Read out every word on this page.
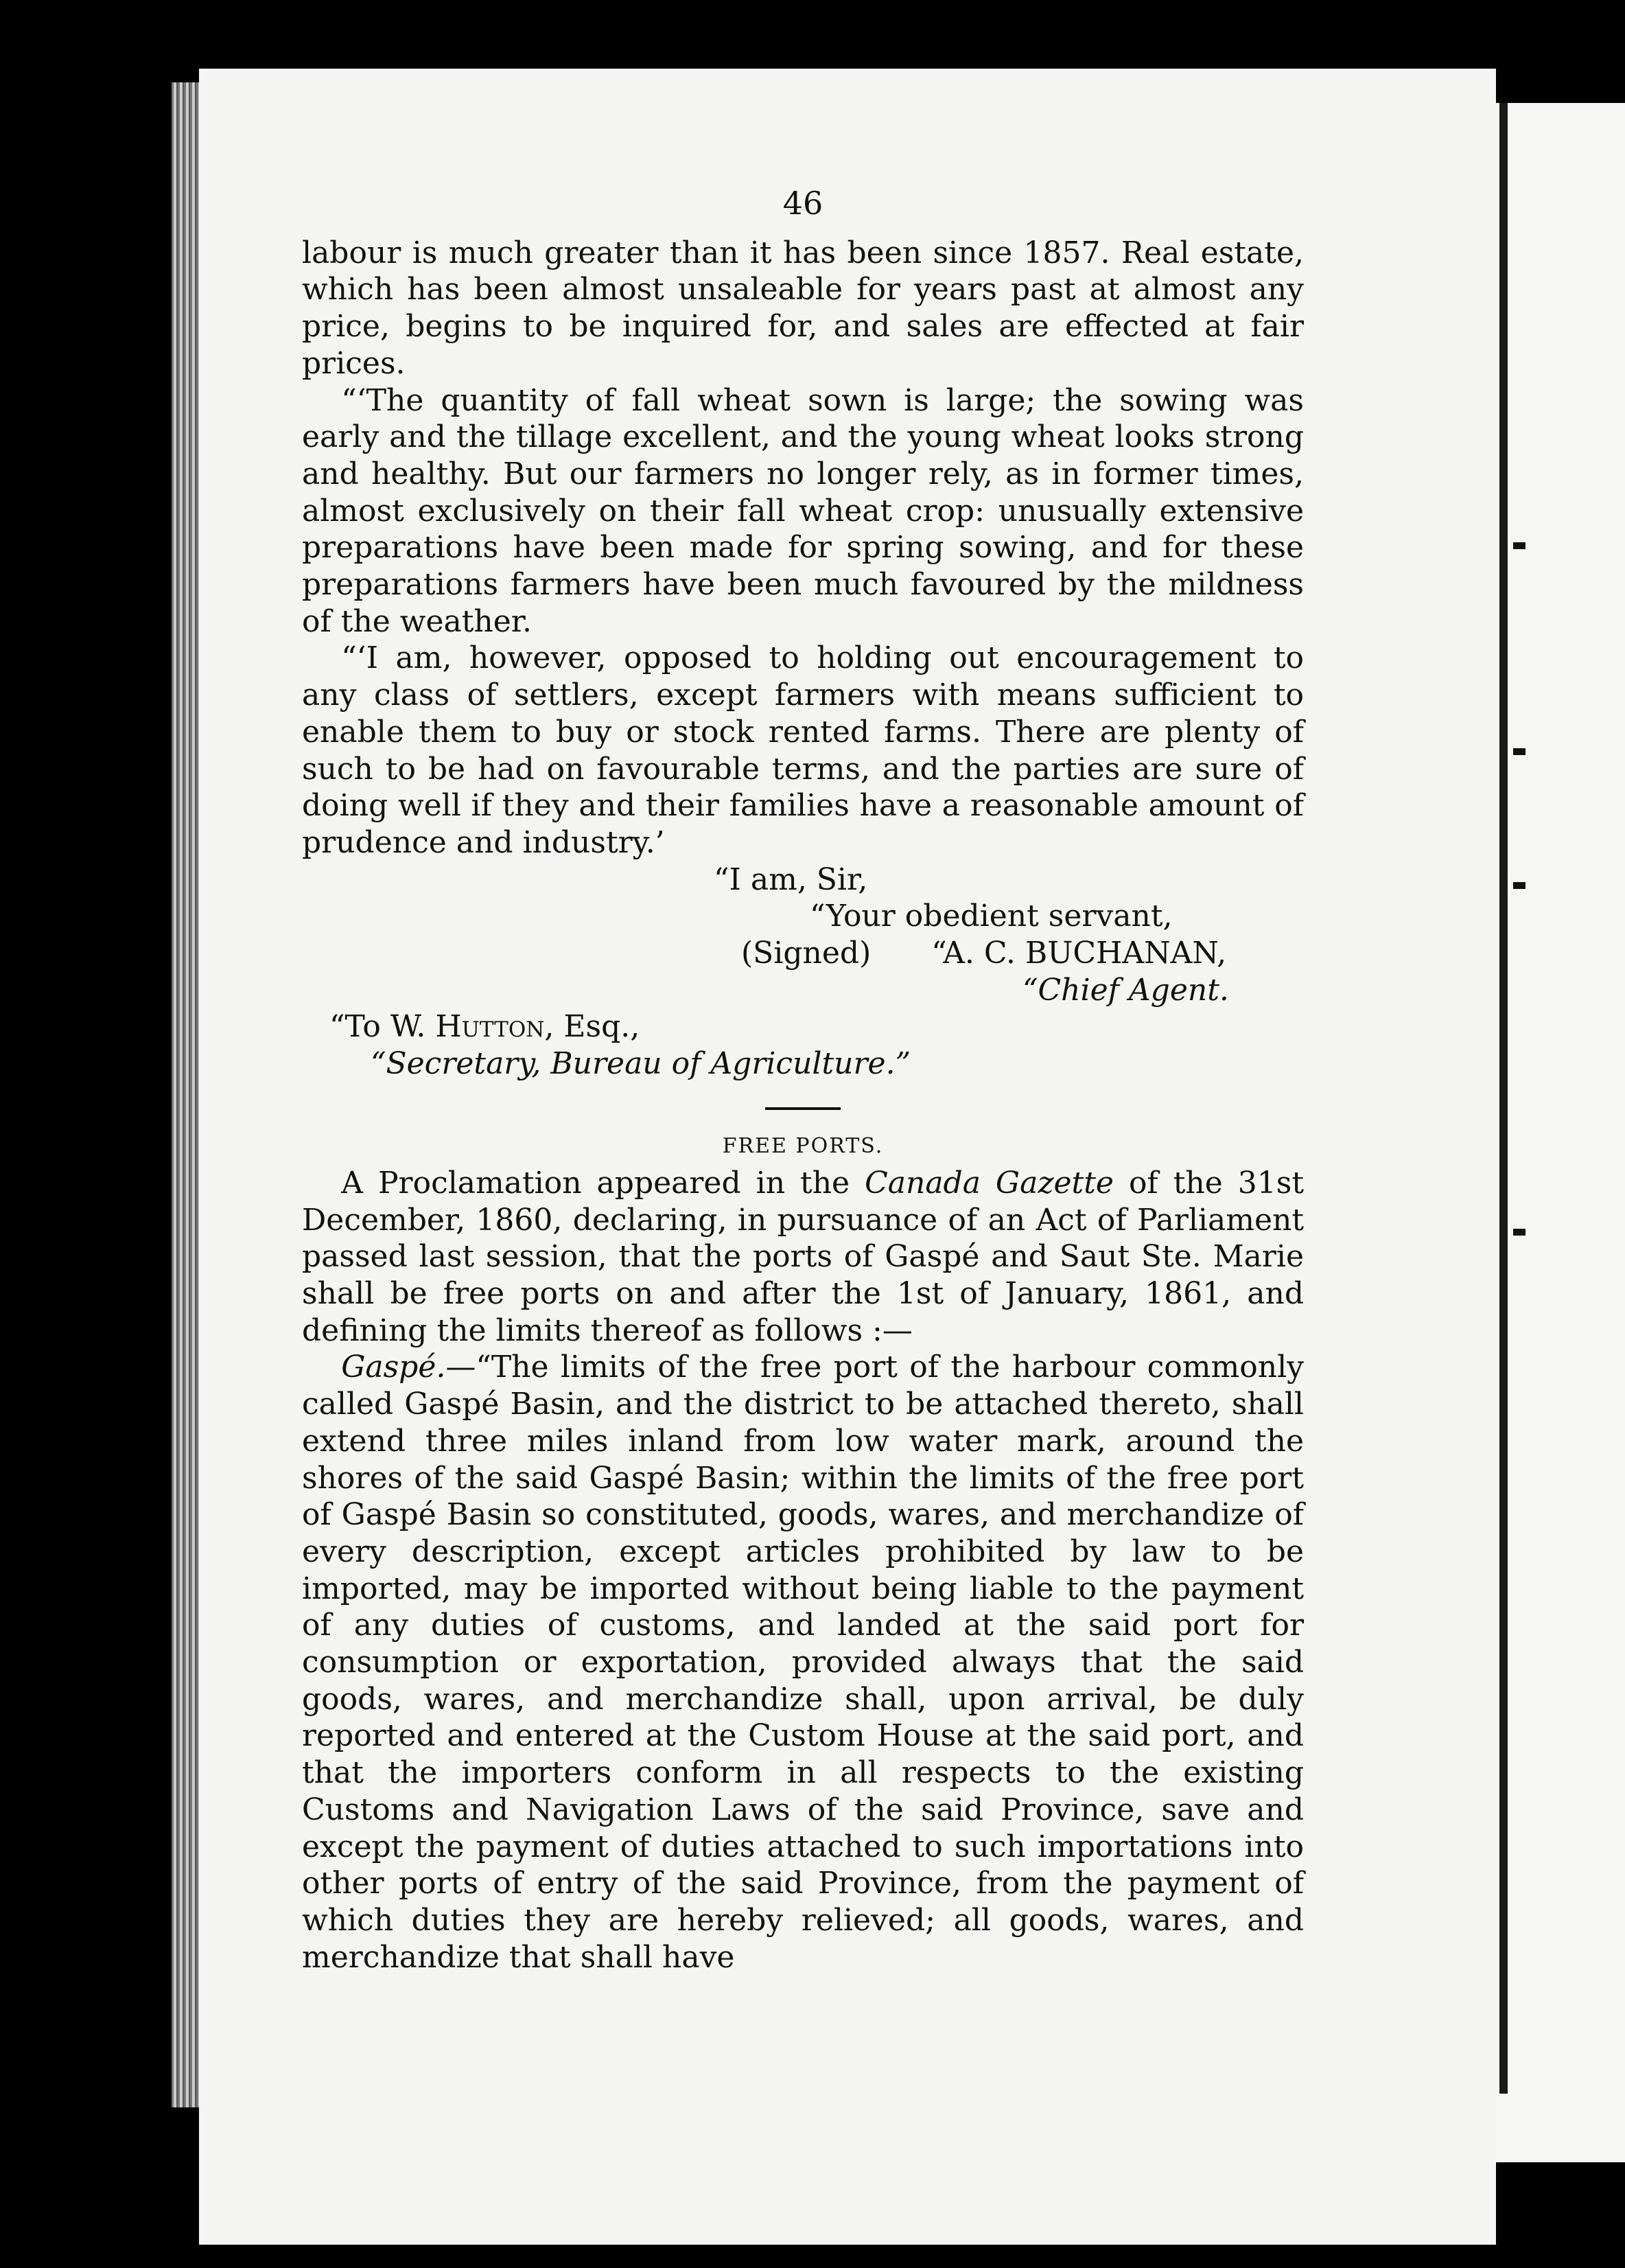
46

labour is much greater than it has been since 1857. Real estate, which has been almost unsaleable for years past at almost any price, begins to be inquired for, and sales are effected at fair prices.

“‘The quantity of fall wheat sown is large; the sowing was early and the tillage excellent, and the young wheat looks strong and healthy. But our farmers no longer rely, as in former times, almost exclusively on their fall wheat crop: unusually extensive preparations have been made for spring sowing, and for these preparations farmers have been much favoured by the mildness of the weather.

“‘I am, however, opposed to holding out encouragement to any class of settlers, except farmers with means sufficient to enable them to buy or stock rented farms. There are plenty of such to be had on favourable terms, and the parties are sure of doing well if they and their families have a reasonable amount of prudence and industry.’

“I am, Sir,

“Your obedient servant,

(Signed) “A. C. BUCHANAN,

“Chief Agent.

“To W. Hutton, Esq.,

“Secretary, Bureau of Agriculture.”

FREE PORTS.

A Proclamation appeared in the Canada Gazette of the 31st December, 1860, declaring, in pursuance of an Act of Parliament passed last session, that the ports of Gaspé and Saut Ste. Marie shall be free ports on and after the 1st of January, 1861, and defining the limits thereof as follows :—

Gaspé.—“The limits of the free port of the harbour commonly called Gaspé Basin, and the district to be attached thereto, shall extend three miles inland from low water mark, around the shores of the said Gaspé Basin; within the limits of the free port of Gaspé Basin so constituted, goods, wares, and merchandize of every description, except articles prohibited by law to be imported, may be imported without being liable to the payment of any duties of customs, and landed at the said port for consumption or exportation, provided always that the said goods, wares, and merchandize shall, upon arrival, be duly reported and entered at the Custom House at the said port, and that the importers conform in all respects to the existing Customs and Navigation Laws of the said Province, save and except the payment of duties attached to such importations into other ports of entry of the said Province, from the payment of which duties they are hereby relieved; all goods, wares, and merchandize that shall have
